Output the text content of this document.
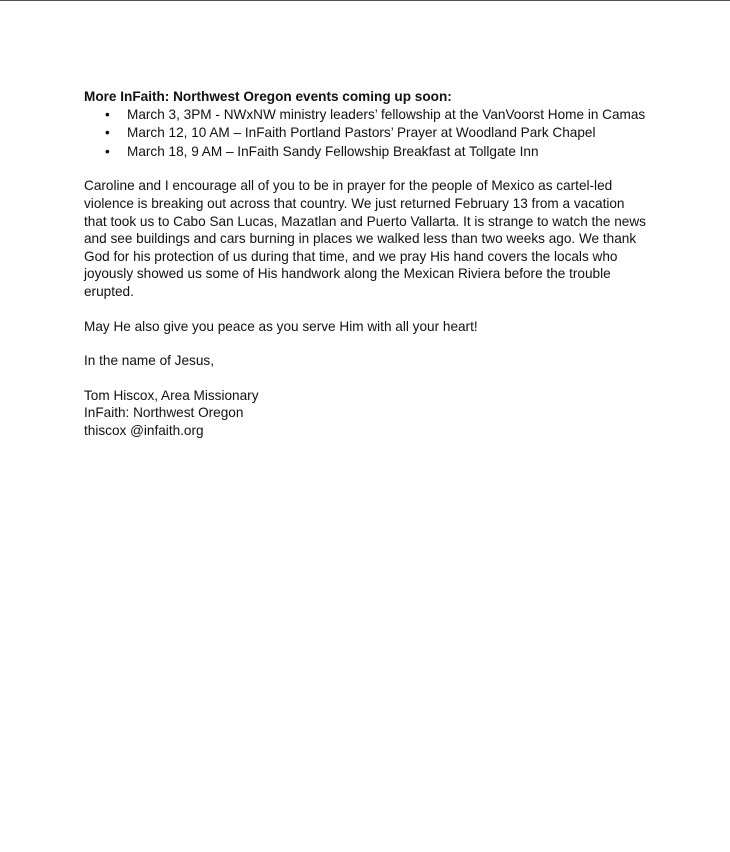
More InFaith: Northwest Oregon events coming up soon:

• March 3, 3PM - NWxNW ministry leaders’ fellowship at the VanVoorst Home in Camas
• March 12, 10 AM – InFaith Portland Pastors’ Prayer at Woodland Park Chapel
• March 18, 9 AM – InFaith Sandy Fellowship Breakfast at Tollgate Inn

Caroline and I encourage all of you to be in prayer for the people of Mexico as cartel-led violence is breaking out across that country. We just returned February 13 from a vacation that took us to Cabo San Lucas, Mazatlan and Puerto Vallarta. It is strange to watch the news and see buildings and cars burning in places we walked less than two weeks ago. We thank God for his protection of us during that time, and we pray His hand covers the locals who joyously showed us some of His handwork along the Mexican Riviera before the trouble erupted.

May He also give you peace as you serve Him with all your heart!

In the name of Jesus,

Tom Hiscox, Area Missionary

InFaith: Northwest Oregon

thiscox @infaith.org
